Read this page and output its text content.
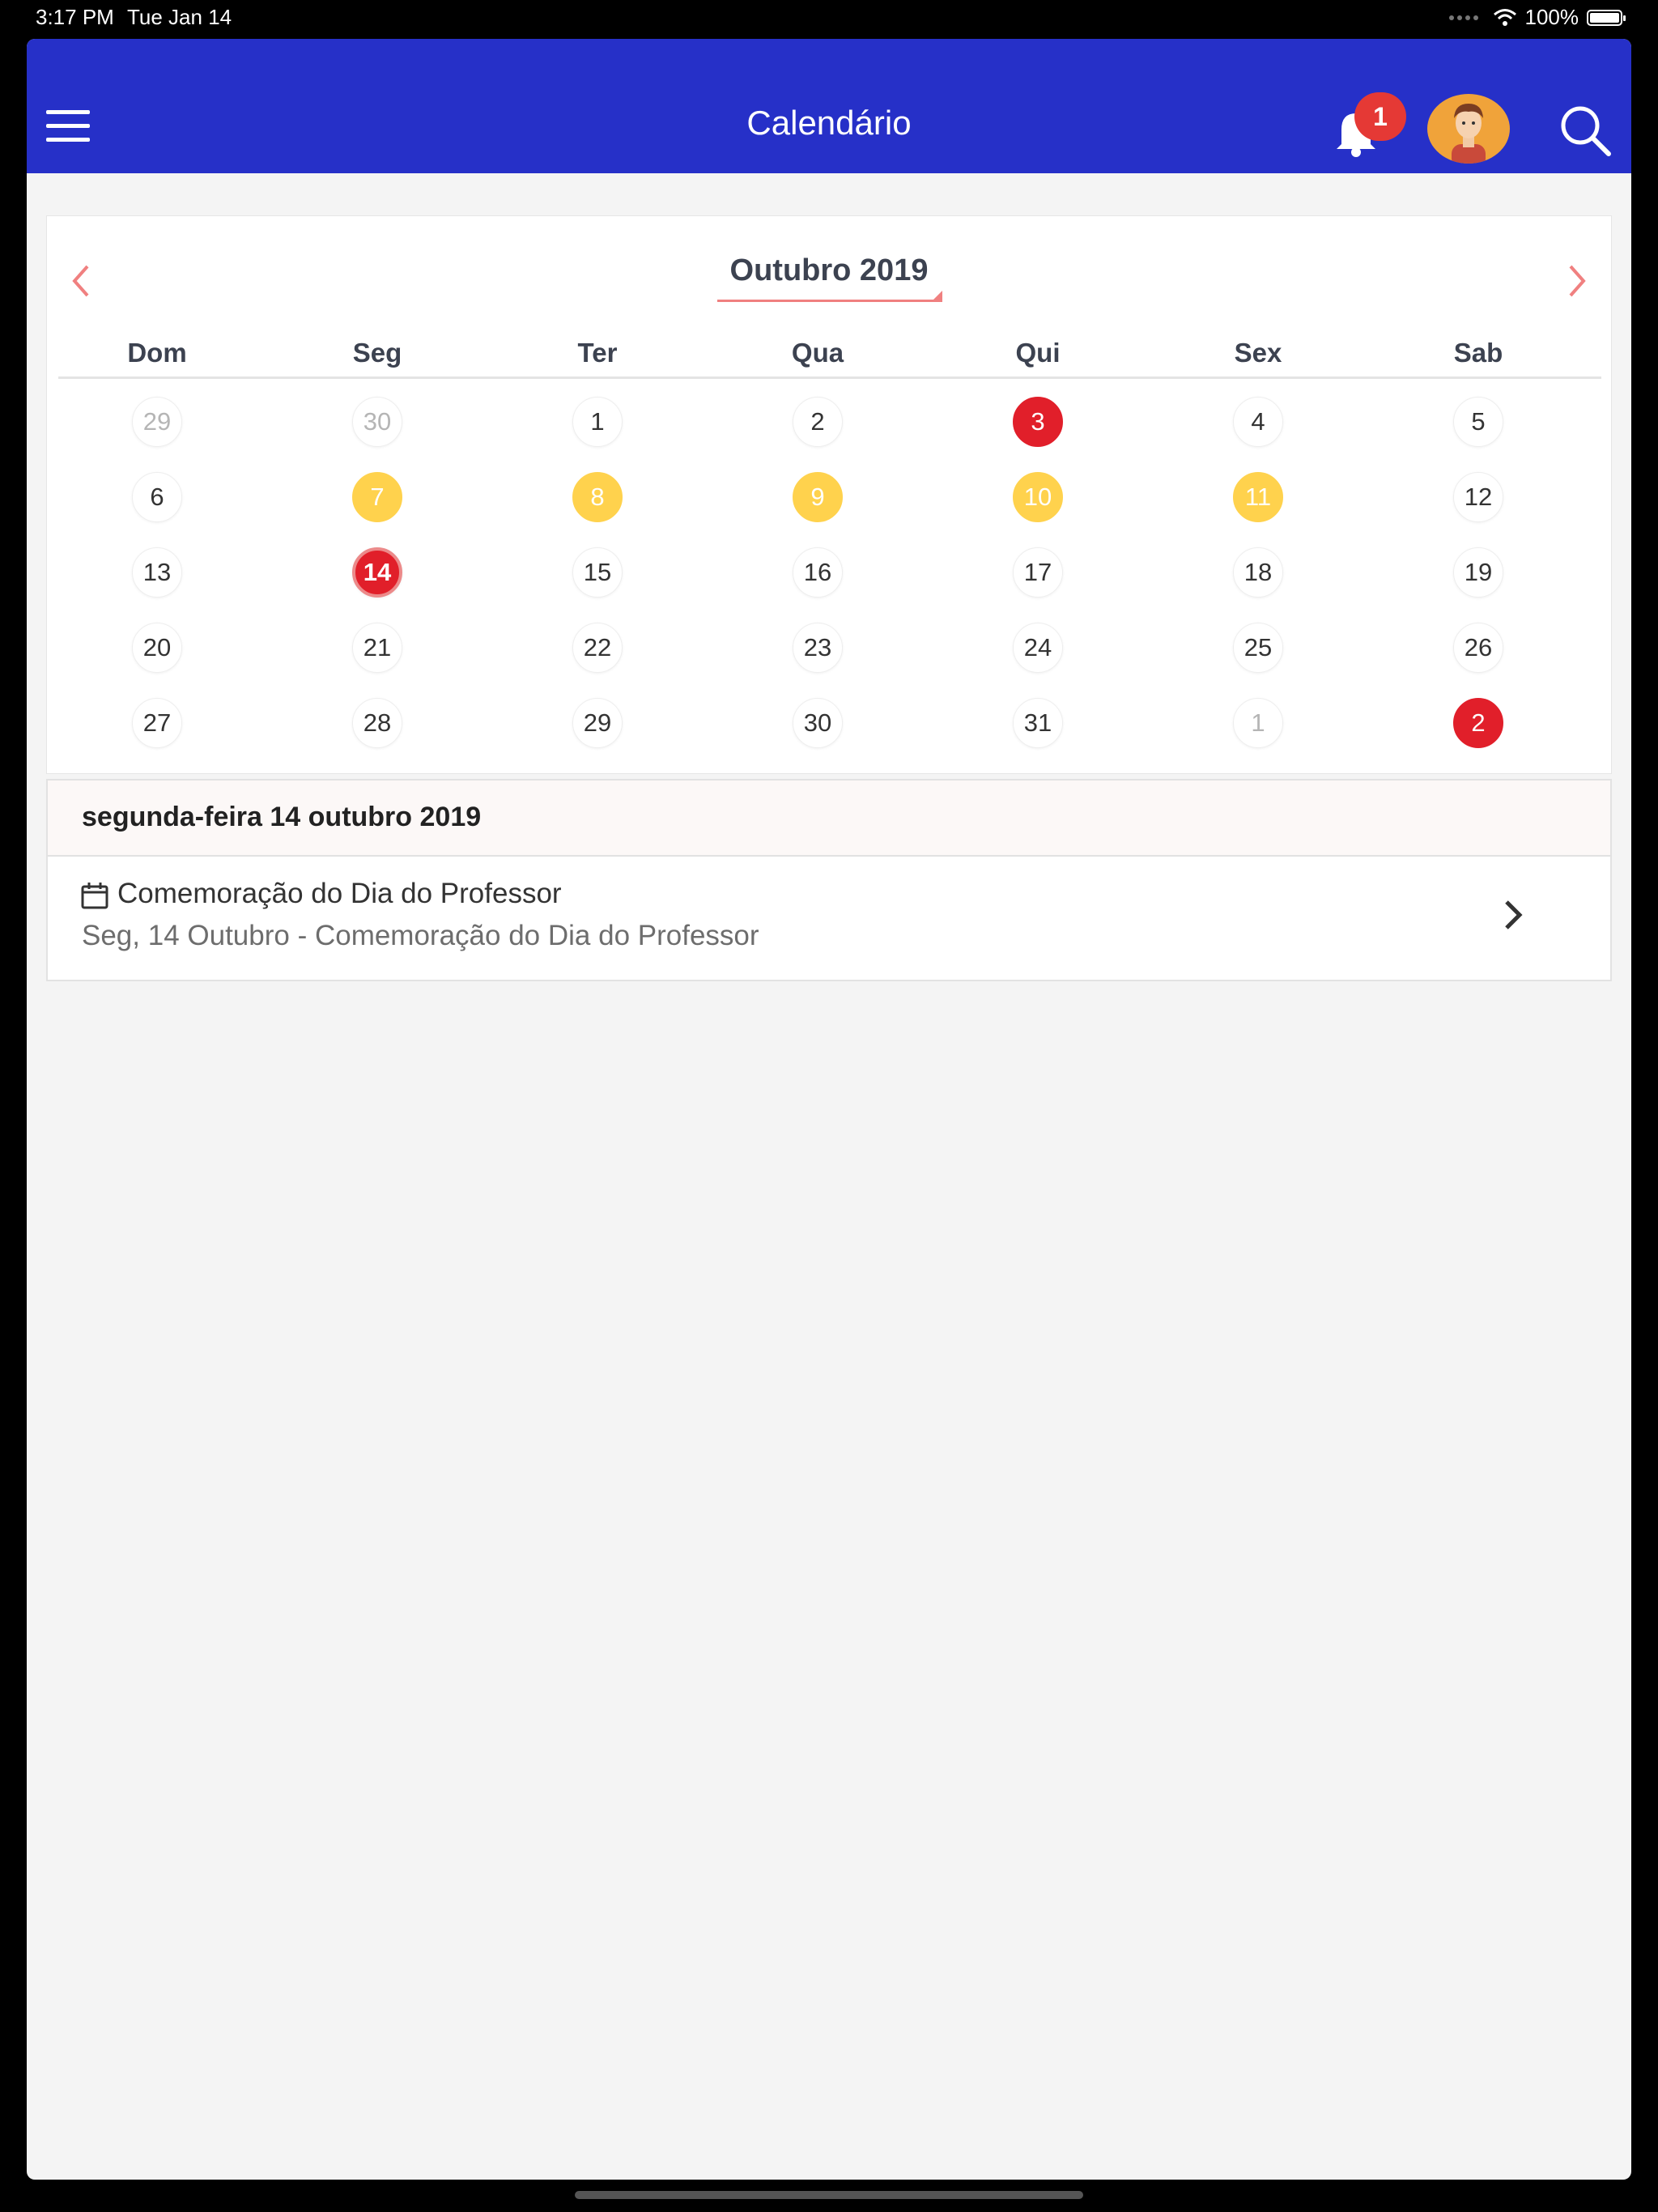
3:17 PM Tue Jan 14	100%
Calendário	1
Outubro 2019
Dom	Seg	Ter	Qua	Qui	Sex	Sab
29	30	1	2	3	4	5
6	7	8	9	10	11	12
13	14	15	16	17	18	19
20	21	22	23	24	25	26
27	28	29	30	31	1	2
segunda-feira 14 outubro 2019
Comemoração do Dia do Professor
Seg, 14 Outubro - Comemoração do Dia do Professor
